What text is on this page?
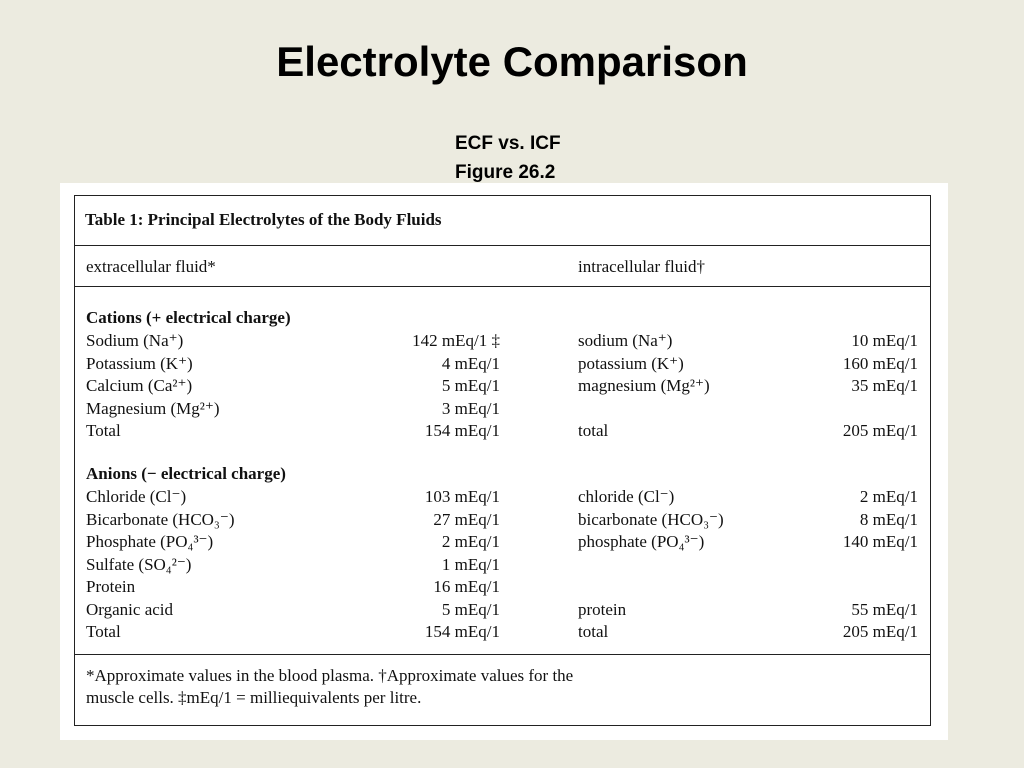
Electrolyte Comparison
ECF vs. ICF
Figure 26.2
Table 1: Principal Electrolytes of the Body Fluids
extracellular fluid*	intracellular fluid†
Cations (+ electrical charge)
Sodium (Na⁺)	142 mEq/1 ‡	sodium (Na⁺)	10 mEq/1
Potassium (K⁺)	4 mEq/1	potassium (K⁺)	160 mEq/1
Calcium (Ca²⁺)	5 mEq/1	magnesium (Mg²⁺)	35 mEq/1
Magnesium (Mg²⁺)	3 mEq/1
Total	154 mEq/1	total	205 mEq/1
Anions (− electrical charge)
Chloride (Cl⁻)	103 mEq/1	chloride (Cl⁻)	2 mEq/1
Bicarbonate (HCO₃⁻)	27 mEq/1	bicarbonate (HCO₃⁻)	8 mEq/1
Phosphate (PO₄³⁻)	2 mEq/1	phosphate (PO₄³⁻)	140 mEq/1
Sulfate (SO₄²⁻)	1 mEq/1
Protein	16 mEq/1
Organic acid	5 mEq/1	protein	55 mEq/1
Total	154 mEq/1	total	205 mEq/1
*Approximate values in the blood plasma. †Approximate values for the
muscle cells. ‡mEq/1 = milliequivalents per litre.
